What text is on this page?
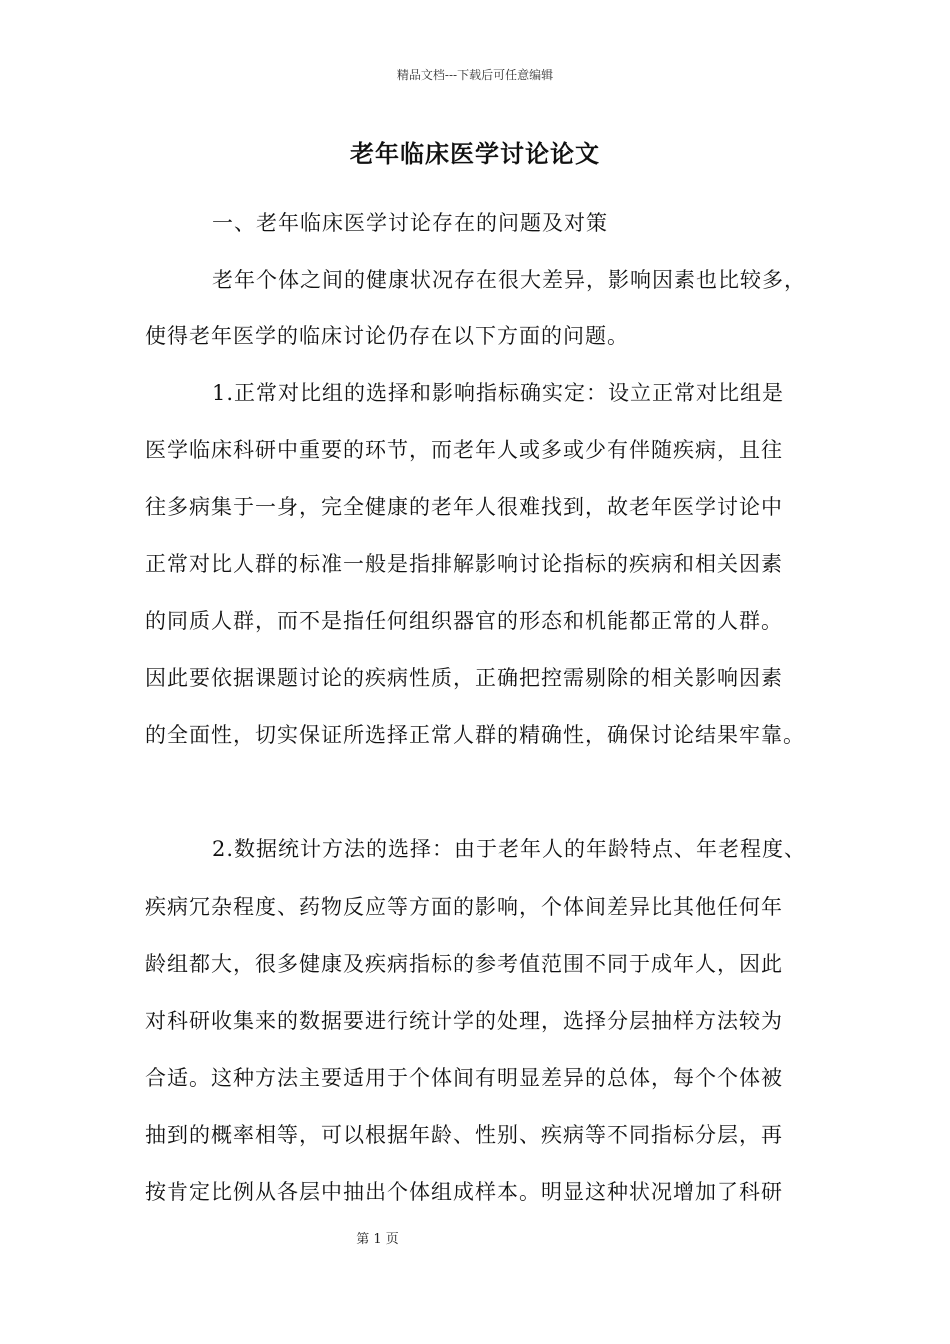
精品文档---下载后可任意编辑
老年临床医学讨论论文
一、老年临床医学讨论存在的问题及对策
老年个体之间的健康状况存在很大差异，影响因素也比较多，
使得老年医学的临床讨论仍存在以下方面的问题。
1.正常对比组的选择和影响指标确实定：设立正常对比组是
医学临床科研中重要的环节，而老年人或多或少有伴随疾病，且往
往多病集于一身，完全健康的老年人很难找到，故老年医学讨论中
正常对比人群的标准一般是指排解影响讨论指标的疾病和相关因素
的同质人群，而不是指任何组织器官的形态和机能都正常的人群。
因此要依据课题讨论的疾病性质，正确把控需剔除的相关影响因素
的全面性，切实保证所选择正常人群的精确性，确保讨论结果牢靠。
2.数据统计方法的选择：由于老年人的年龄特点、年老程度、
疾病冗杂程度、药物反应等方面的影响，个体间差异比其他任何年
龄组都大，很多健康及疾病指标的参考值范围不同于成年人，因此
对科研收集来的数据要进行统计学的处理，选择分层抽样方法较为
合适。这种方法主要适用于个体间有明显差异的总体，每个个体被
抽到的概率相等，可以根据年龄、性别、疾病等不同指标分层，再
按肯定比例从各层中抽出个体组成样本。明显这种状况增加了科研
第 1 页
